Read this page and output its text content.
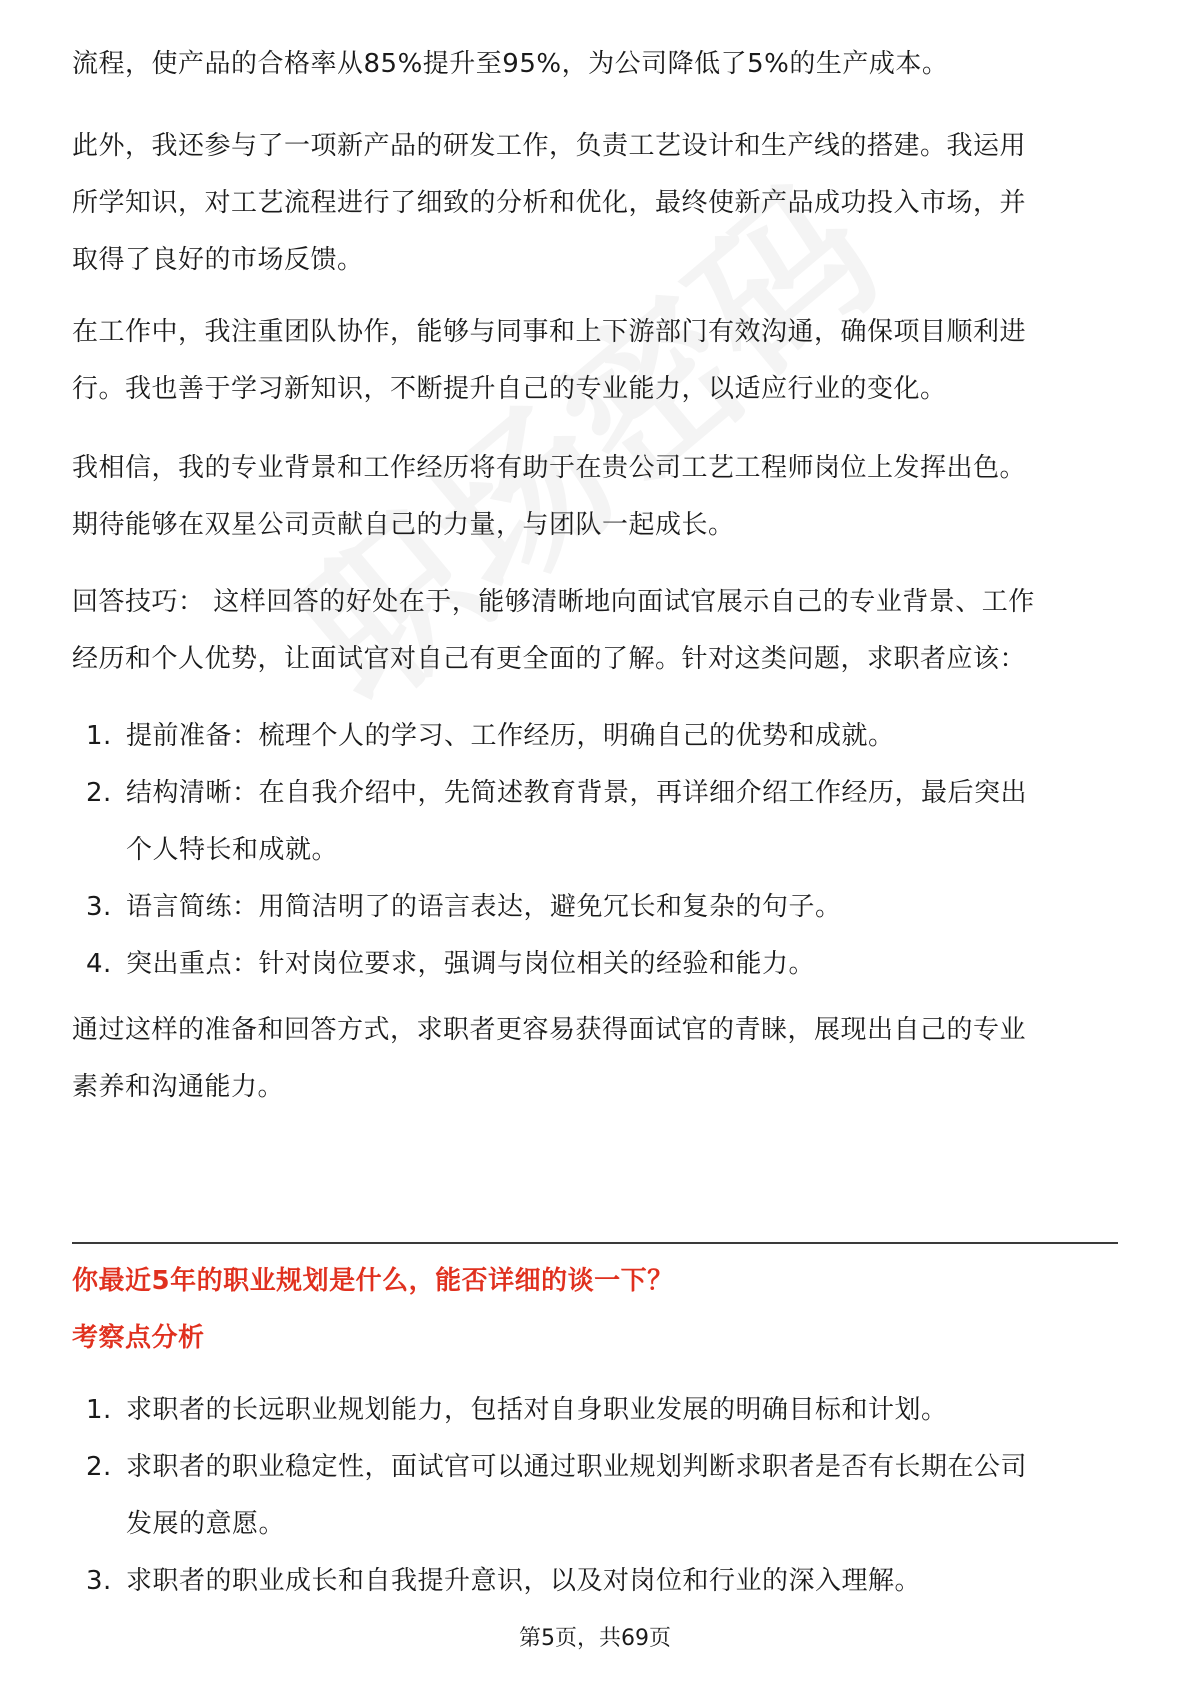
流程，使产品的合格率从85%提升至95%，为公司降低了5%的生产成本。

此外，我还参与了一项新产品的研发工作，负责工艺设计和生产线的搭建。我运用
所学知识，对工艺流程进行了细致的分析和优化，最终使新产品成功投入市场，并
取得了良好的市场反馈。

在工作中，我注重团队协作，能够与同事和上下游部门有效沟通，确保项目顺利进
行。我也善于学习新知识，不断提升自己的专业能力，以适应行业的变化。

我相信，我的专业背景和工作经历将有助于在贵公司工艺工程师岗位上发挥出色。
期待能够在双星公司贡献自己的力量，与团队一起成长。

回答技巧： 这样回答的好处在于，能够清晰地向面试官展示自己的专业背景、工作
经历和个人优势，让面试官对自己有更全面的了解。针对这类问题，求职者应该：

1. 提前准备：梳理个人的学习、工作经历，明确自己的优势和成就。
2. 结构清晰：在自我介绍中，先简述教育背景，再详细介绍工作经历，最后突出
个人特长和成就。
3. 语言简练：用简洁明了的语言表达，避免冗长和复杂的句子。
4. 突出重点：针对岗位要求，强调与岗位相关的经验和能力。

通过这样的准备和回答方式，求职者更容易获得面试官的青睐，展现出自己的专业
素养和沟通能力。

你最近5年的职业规划是什么，能否详细的谈一下？

考察点分析

1. 求职者的长远职业规划能力，包括对自身职业发展的明确目标和计划。
2. 求职者的职业稳定性，面试官可以通过职业规划判断求职者是否有长期在公司
发展的意愿。
3. 求职者的职业成长和自我提升意识，以及对岗位和行业的深入理解。
第5页，共69页
